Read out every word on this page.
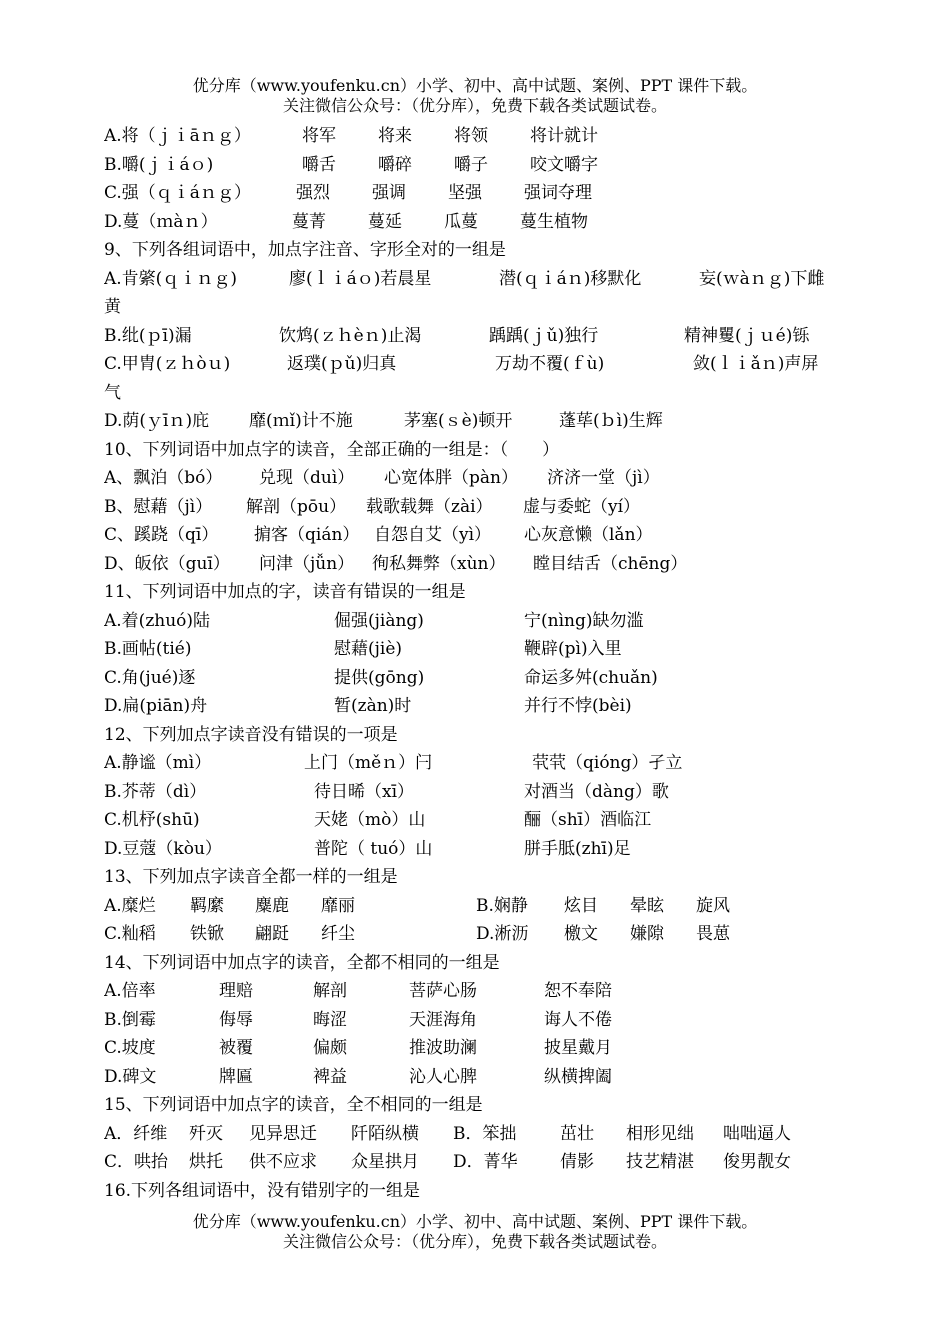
优分库（www.youfenku.cn）小学、初中、高中试题、案例、PPT 课件下载。
关注微信公众号：（优分库），免费下载各类试题试卷。
A.将（ｊｉāｎｇ）	将军 将来 将领 将计就计
B.嚼(ｊｉáｏ)	嚼舌 嚼碎 嚼子 咬文嚼字
C.强（ｑｉáｎｇ）	强烈 强调 坚强 强词夺理
D.蔓（ｍàｎ）	蔓菁 蔓延 瓜蔓 蔓生植物
9、下列各组词语中，加点字注音、字形全对的一组是
A.肯綮(ｑｉｎｇ)	廖(ｌｉáｏ)若晨星	潜(ｑｉáｎ)移默化	妄(ｗàｎｇ)下雌
黄
B.纰(ｐī)漏	饮鸩(ｚｈèｎ)止渴	踽踽(ｊǔ)独行	精神矍(ｊｕé)铄
C.甲胄(ｚｈòｕ)	返璞(ｐǔ)归真	万劫不覆(ｆù)	敛(ｌｉǎｎ)声屏
气
D.荫(ｙīｎ)庇 靡(ｍǐ)计不施	茅塞(ｓè)顿开	蓬荜(ｂì)生辉
10、下列词语中加点字的读音，全部正确的一组是：（　　）
A、飘泊（bó） 兑现（duì） 心宽体胖（pàn） 济济一堂（jì）
B、慰藉（jì） 解剖（pōu） 载歌载舞（zài） 虚与委蛇（yí）
C、蹊跷（qī） 掮客（qián） 自怨自艾（yì） 心灰意懒（lǎn）
D、皈依（guī） 问津（jǚn） 徇私舞弊（xùn） 瞠目结舌（chēng）
11、下列词语中加点的字，读音有错误的一组是
A.着(zhuó)陆	倔强(jiàng)	宁(nìng)缺勿滥
B.画帖(tié)	慰藉(jiè)	鞭辟(pì)入里
C.角(jué)逐	提供(gōng)	命运多舛(chuǎn)
D.扁(piān)舟	暂(zàn)时	并行不悖(bèi)
12、下列加点字读音没有错误的一项是
A.静谧（mì）	上门（měｎ）闩	茕茕（qióng）孑立
B.芥蒂（dì）	待日晞（xī）	对酒当（dàng）歌
C.机杼(shū)	天姥（mò）山	酾（shī）酒临江
D.豆蔻（kòu）	普陀（ tuó）山	胼手胝(zhī)足
13、下列加点字读音全都一样的一组是
A.糜烂 羁縻 麋鹿 靡丽	B.娴静 炫目 晕眩 旋风
C.籼稻 铁锨 翩跹 纤尘	D.淅沥 檄文 嫌隙 畏葸
14、下列词语中加点字的读音，全都不相同的一组是
A.倍率	理赔	解剖	菩萨心肠	恕不奉陪
B.倒霉	侮辱	晦涩	天涯海角	诲人不倦
C.坡度	被覆	偏颇	推波助澜	披星戴月
D.碑文	牌匾	裨益	沁人心脾	纵横捭阖
15、下列词语中加点字的读音，全不相同的一组是
A．纤维 歼灭 见异思迁 阡陌纵横 B．笨拙	茁壮 相形见绌 咄咄逼人
C．哄抬 烘托 供不应求 众星拱月 D．菁华 倩影 技艺精湛 俊男靓女
16.下列各组词语中，没有错别字的一组是
优分库（www.youfenku.cn）小学、初中、高中试题、案例、PPT 课件下载。
关注微信公众号：（优分库），免费下载各类试题试卷。
